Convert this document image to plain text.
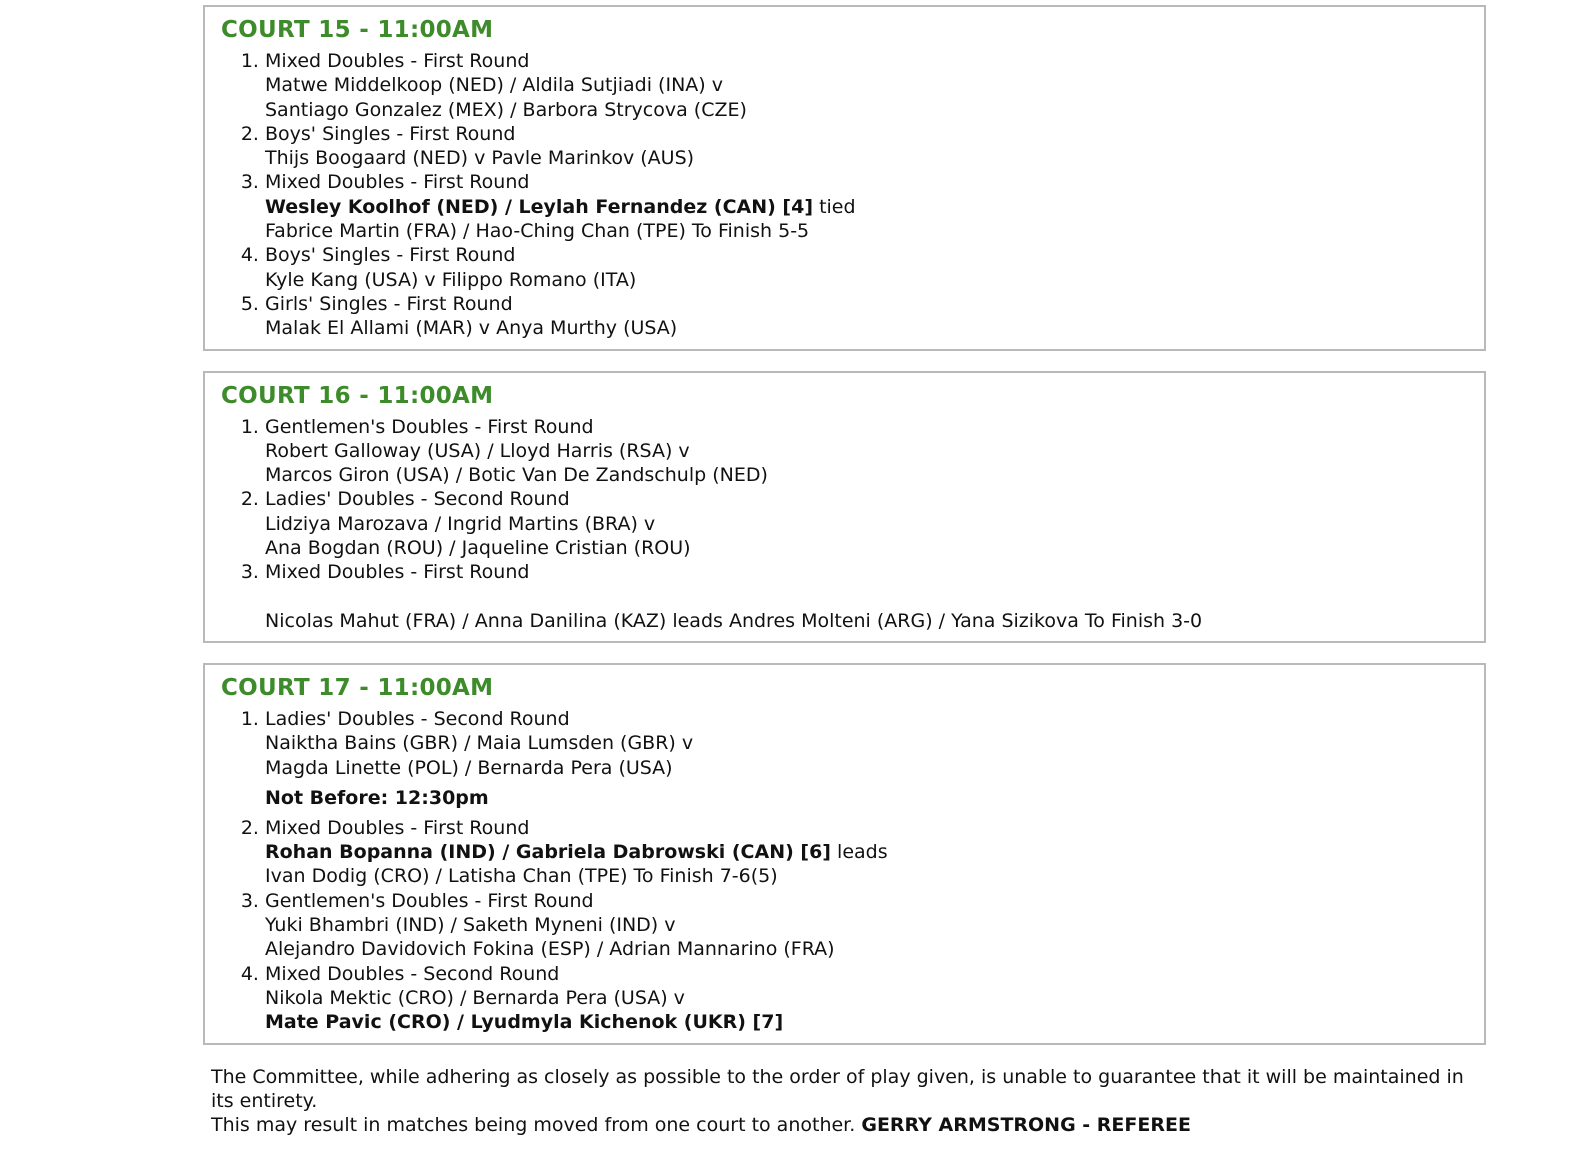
COURT 15 - 11:00AM
1. Mixed Doubles - First Round
Matwe Middelkoop (NED) / Aldila Sutjiadi (INA) v
Santiago Gonzalez (MEX) / Barbora Strycova (CZE)
2. Boys' Singles - First Round
Thijs Boogaard (NED) v Pavle Marinkov (AUS)
3. Mixed Doubles - First Round
Wesley Koolhof (NED) / Leylah Fernandez (CAN) [4] tied
Fabrice Martin (FRA) / Hao-Ching Chan (TPE) To Finish 5-5
4. Boys' Singles - First Round
Kyle Kang (USA) v Filippo Romano (ITA)
5. Girls' Singles - First Round
Malak El Allami (MAR) v Anya Murthy (USA)
COURT 16 - 11:00AM
1. Gentlemen's Doubles - First Round
Robert Galloway (USA) / Lloyd Harris (RSA) v
Marcos Giron (USA) / Botic Van De Zandschulp (NED)
2. Ladies' Doubles - Second Round
Lidziya Marozava / Ingrid Martins (BRA) v
Ana Bogdan (ROU) / Jaqueline Cristian (ROU)
3. Mixed Doubles - First Round
Nicolas Mahut (FRA) / Anna Danilina (KAZ) leads Andres Molteni (ARG) / Yana Sizikova To Finish 3-0
COURT 17 - 11:00AM
1. Ladies' Doubles - Second Round
Naiktha Bains (GBR) / Maia Lumsden (GBR) v
Magda Linette (POL) / Bernarda Pera (USA)
Not Before: 12:30pm
2. Mixed Doubles - First Round
Rohan Bopanna (IND) / Gabriela Dabrowski (CAN) [6] leads
Ivan Dodig (CRO) / Latisha Chan (TPE) To Finish 7-6(5)
3. Gentlemen's Doubles - First Round
Yuki Bhambri (IND) / Saketh Myneni (IND) v
Alejandro Davidovich Fokina (ESP) / Adrian Mannarino (FRA)
4. Mixed Doubles - Second Round
Nikola Mektic (CRO) / Bernarda Pera (USA) v
Mate Pavic (CRO) / Lyudmyla Kichenok (UKR) [7]
The Committee, while adhering as closely as possible to the order of play given, is unable to guarantee that it will be maintained in its entirety.
This may result in matches being moved from one court to another. GERRY ARMSTRONG - REFEREE
